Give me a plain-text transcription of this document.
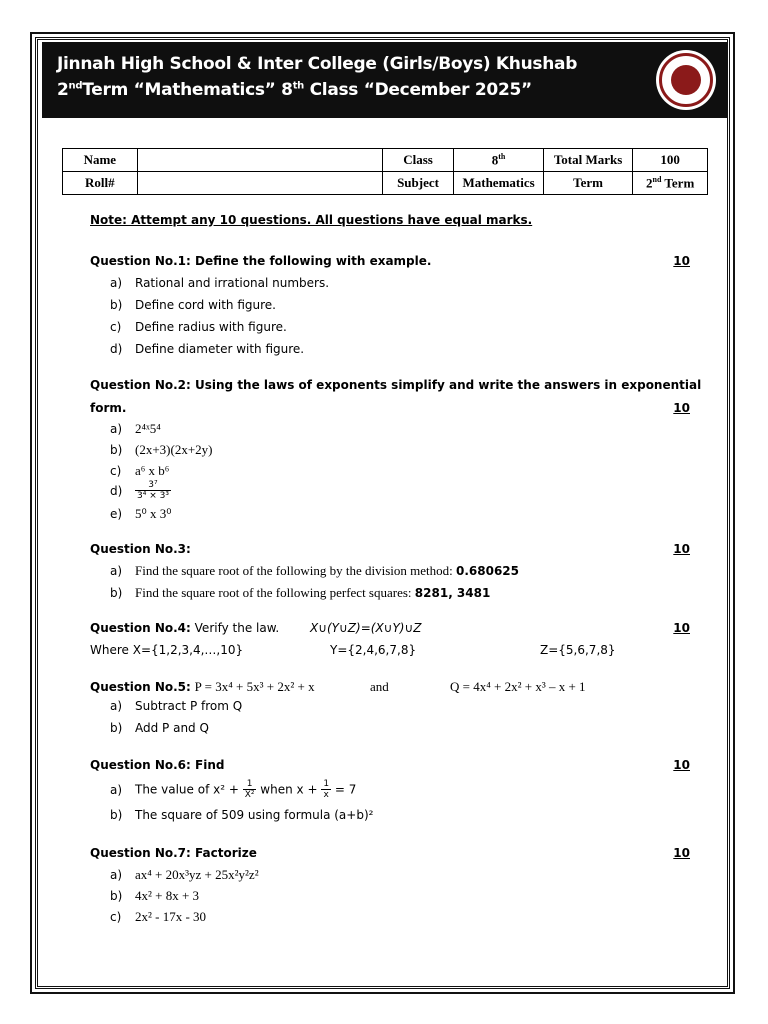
Jinnah High School & Inter College (Girls/Boys) Khushab
2ndTerm “Mathematics” 8th Class “December 2025”
Name		Class	8th	Total Marks	100
Roll#		Subject	Mathematics	Term	2nd Term
Note: Attempt any 10 questions. All questions have equal marks.
Question No.1: Define the following with example.	10
a) Rational and irrational numbers.
b) Define cord with figure.
c) Define radius with figure.
d) Define diameter with figure.
Question No.2: Using the laws of exponents simplify and write the answers in exponential
form.	10
a) 2⁴ˣ5⁴
b) (2x+3)(2x+2y)
c) a⁶ x b⁶
$d) \frac{\text{3⁷}}{\text{3⁴ × 3³}}$
e) 5⁰ x 3⁰
Question No.3:	10
a) Find the square root of the following by the division method: 0.680625
b) Find the square root of the following perfect squares: 8281, 3481
Question No.4: Verify the law.	X∪(Y∪Z)=(X∪Y)∪Z	10
Where X={1,2,3,4,…,10}	Y={2,4,6,7,8}	Z={5,6,7,8}
Question No.5: P = 3x⁴ + 5x³ + 2x² + x	and	Q = 4x⁴ + 2x² + x³ – x + 1
a) Subtract P from Q
b) Add P and Q
Question No.6: Find	10
a) The value of $x^2 + \frac{1}{\text{X²}}$ when $x + \frac{1}{x} = 7$
b) The square of 509 using formula (a+b)²
Question No.7: Factorize	10
a) ax⁴ + 20x³yz + 25x²y²z²
b) 4x² + 8x + 3
c) 2x² - 17x - 30
